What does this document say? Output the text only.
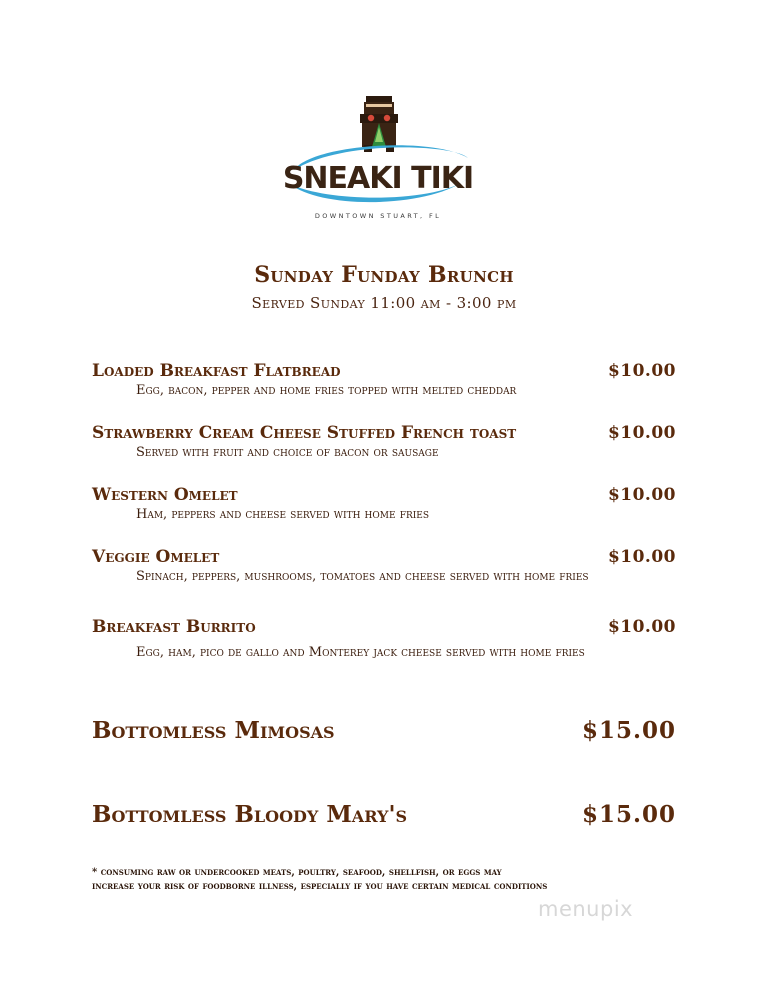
SNEAKI TIKI
DOWNTOWN STUART, FL
Sunday Funday Brunch
Served Sunday 11:00 am - 3:00 pm
Loaded Breakfast Flatbread	$10.00
Egg, bacon, pepper and home fries topped with melted cheddar
Strawberry Cream Cheese Stuffed French toast	$10.00
Served with fruit and choice of bacon or sausage
Western Omelet	$10.00
Ham, peppers and cheese served with home fries
Veggie Omelet	$10.00
Spinach, peppers, mushrooms, tomatoes and cheese served with home fries
Breakfast Burrito	$10.00
Egg, ham, pico de gallo and Monterey jack cheese served with home fries
Bottomless Mimosas	$15.00
Bottomless Bloody Mary's	$15.00
* consuming raw or undercooked meats, poultry, seafood, shellfish, or eggs may
increase your risk of foodborne illness, especially if you have certain medical conditions
menupix
